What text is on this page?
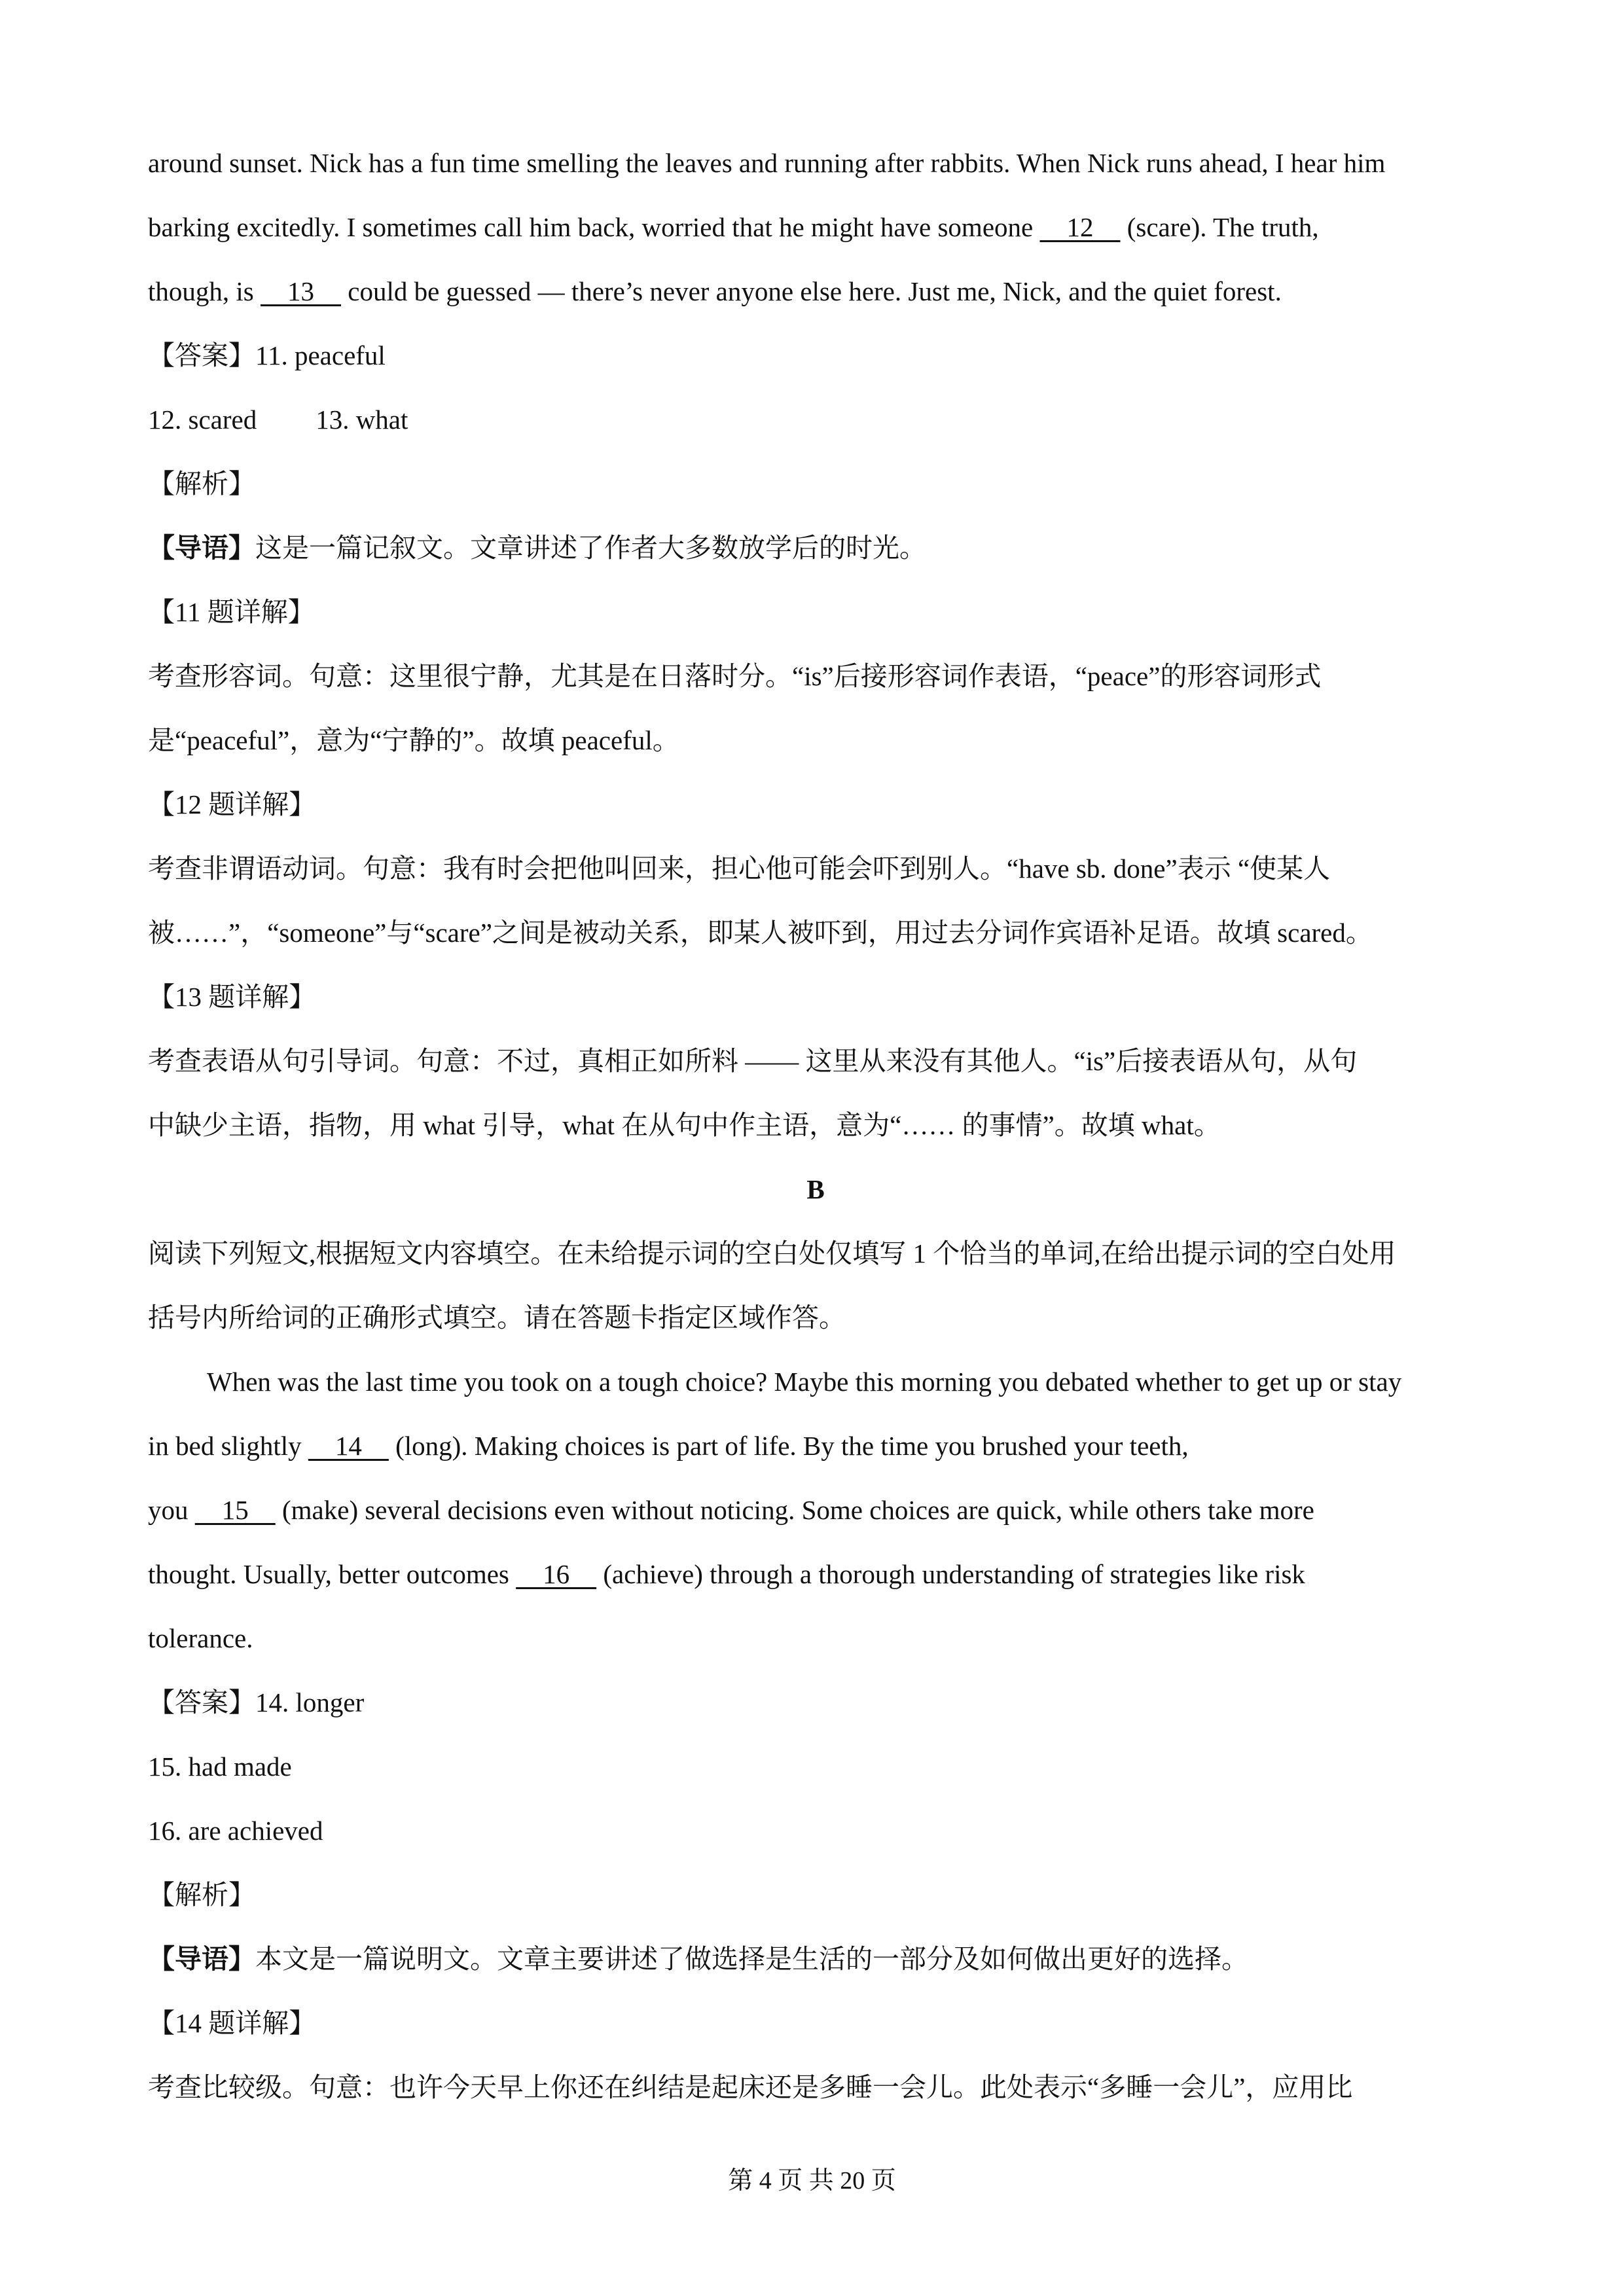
around sunset. Nick has a fun time smelling the leaves and running after rabbits. When Nick runs ahead, I hear him
barking excitedly. I sometimes call him back, worried that he might have someone     12     (scare). The truth,
though, is     13     could be guessed — there’s never anyone else here. Just me, Nick, and the quiet forest.
【答案】11. peaceful
12. scared 13. what
【解析】
【导语】这是一篇记叙文。文章讲述了作者大多数放学后的时光。
【11 题详解】
考查形容词。句意：这里很宁静，尤其是在日落时分。“is”后接形容词作表语，“peace”的形容词形式
是“peaceful”，意为“宁静的”。故填 peaceful。
【12 题详解】
考查非谓语动词。句意：我有时会把他叫回来，担心他可能会吓到别人。“have sb. done”表示 “使某人
被……”，“someone”与“scare”之间是被动关系，即某人被吓到，用过去分词作宾语补足语。故填 scared。
【13 题详解】
考查表语从句引导词。句意：不过，真相正如所料 —— 这里从来没有其他人。“is”后接表语从句，从句
中缺少主语，指物，用 what 引导，what 在从句中作主语，意为“…… 的事情”。故填 what。
B
阅读下列短文,根据短文内容填空。在未给提示词的空白处仅填写 1 个恰当的单词,在给出提示词的空白处用
括号内所给词的正确形式填空。请在答题卡指定区域作答。
When was the last time you took on a tough choice? Maybe this morning you debated whether to get up or stay
in bed slightly     14     (long). Making choices is part of life. By the time you brushed your teeth,
you     15     (make) several decisions even without noticing. Some choices are quick, while others take more
thought. Usually, better outcomes     16     (achieve) through a thorough understanding of strategies like risk
tolerance.
【答案】14. longer
15. had made
16. are achieved
【解析】
【导语】本文是一篇说明文。文章主要讲述了做选择是生活的一部分及如何做出更好的选择。
【14 题详解】
考查比较级。句意：也许今天早上你还在纠结是起床还是多睡一会儿。此处表示“多睡一会儿”，应用比
第 4 页 共 20 页
